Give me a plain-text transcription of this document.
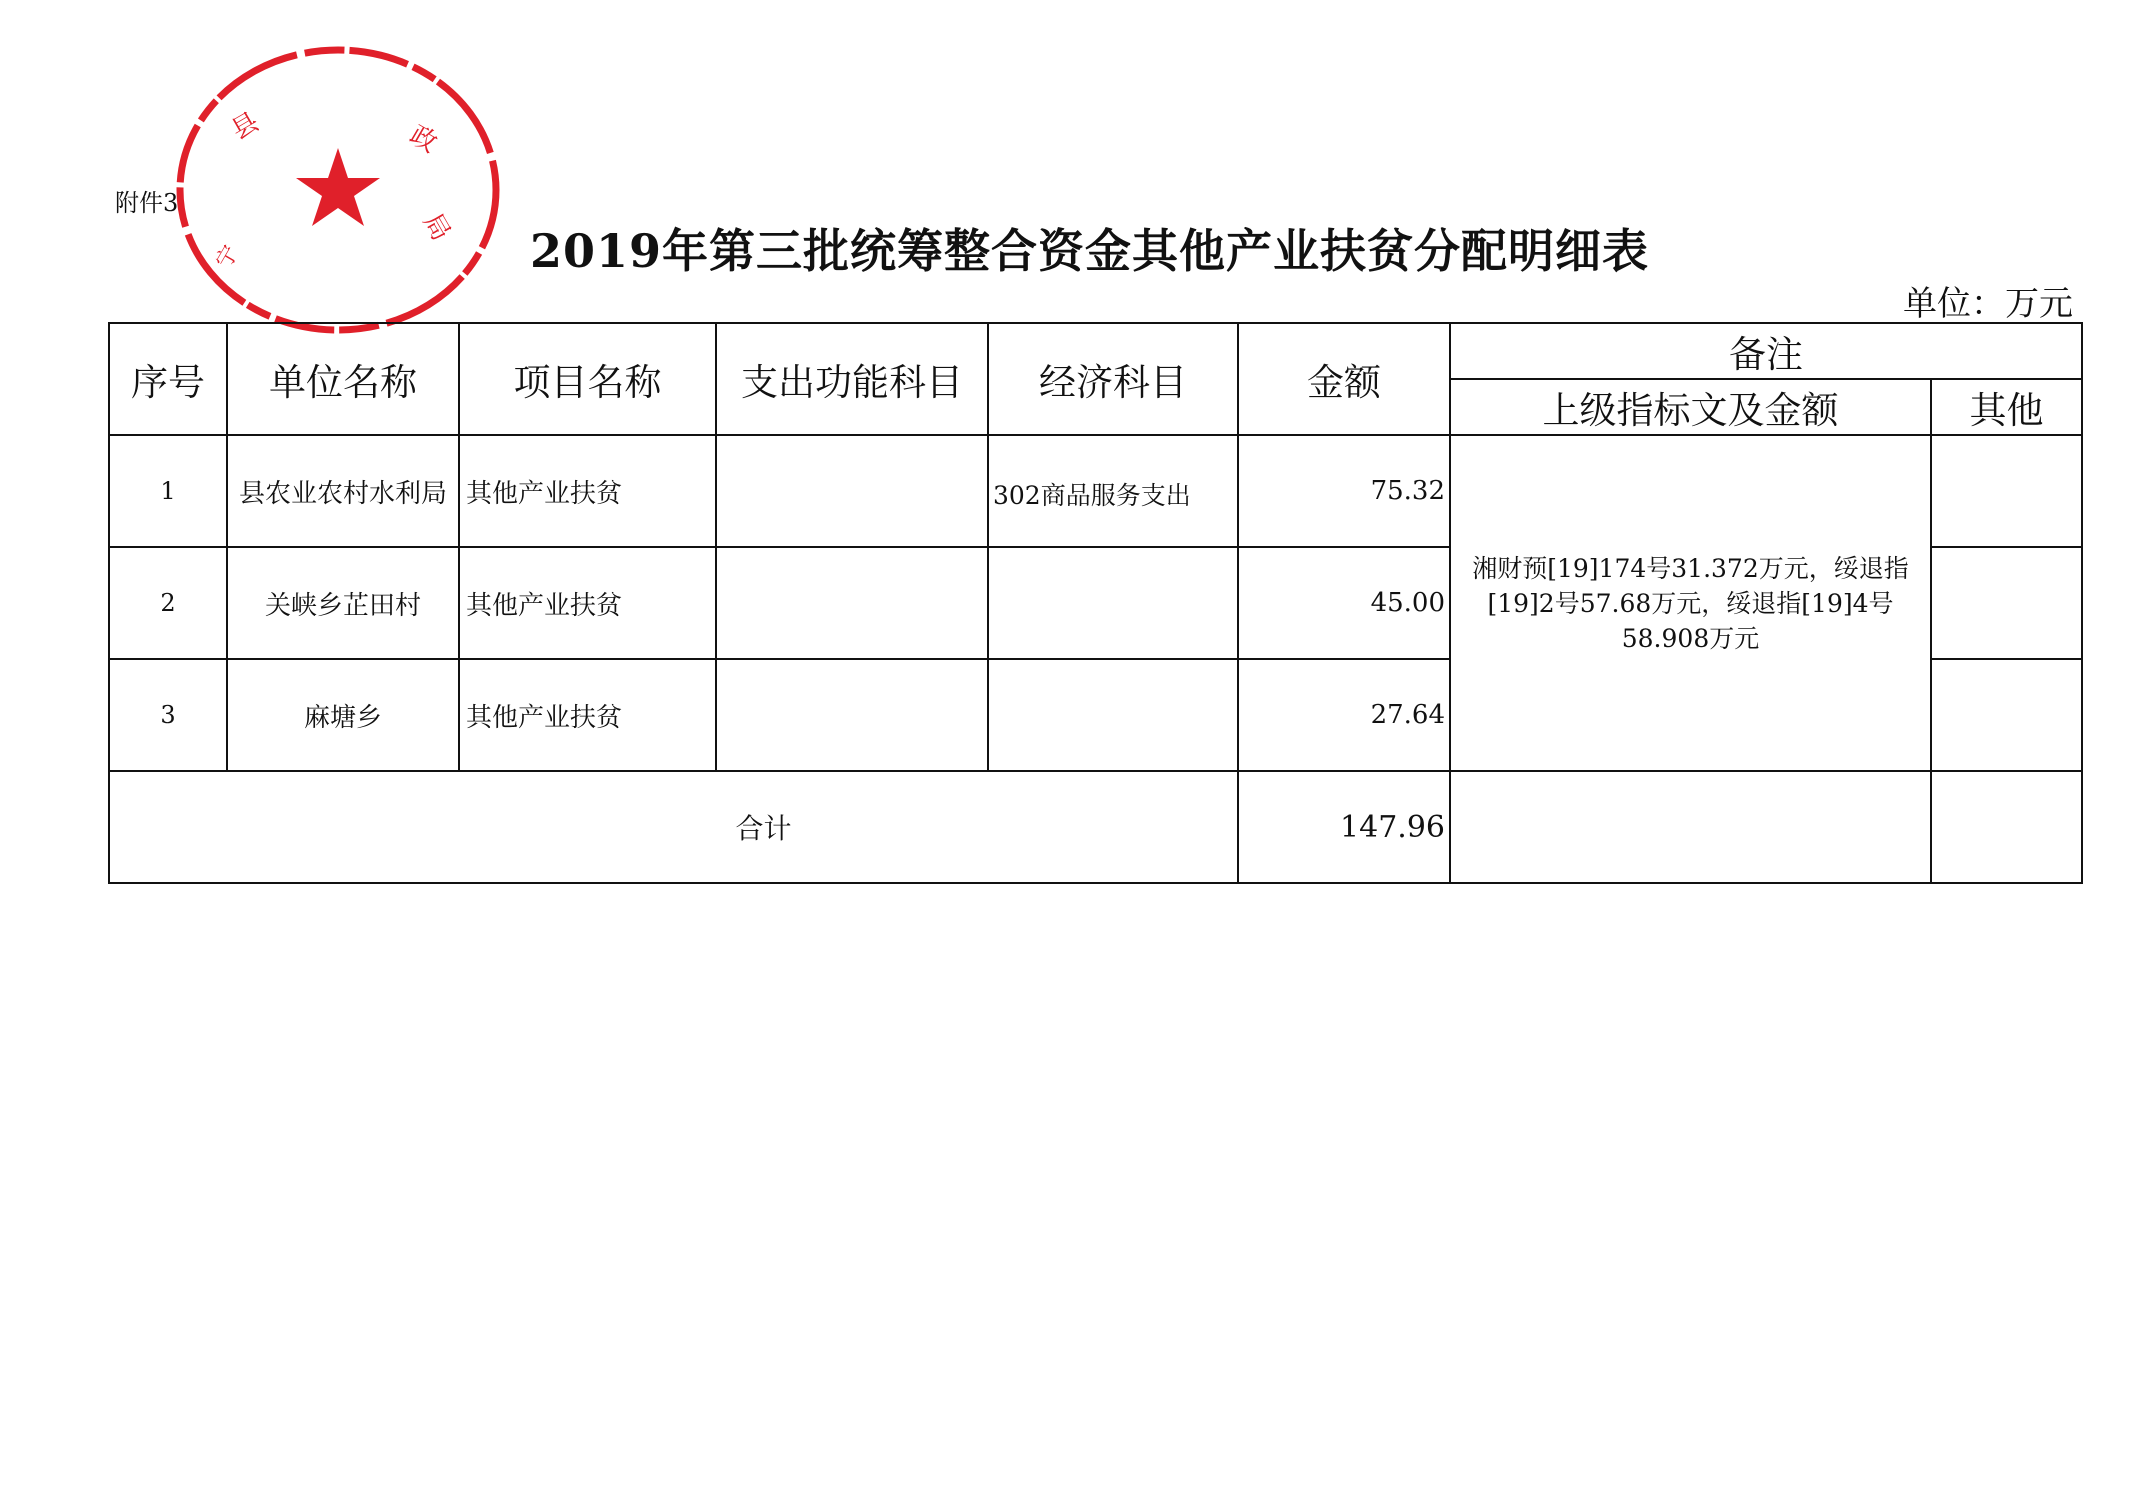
县	政
局
宁
附件3
2019年第三批统筹整合资金其他产业扶贫分配明细表
单位：万元
序号	单位名称	项目名称	支出功能科目	经济科目	金额	备注	
						上级指标文及金额	其他
1	县农业农村水利局	其他产业扶贫		302商品服务支出	75.32	湘财预[19]174号31.372万元，绥退指[19]2号57.68万元，绥退指[19]4号58.908万元	
2	关峡乡芷田村	其他产业扶贫			45.00		
3	麻塘乡	其他产业扶贫			27.64		
合计					147.96		
